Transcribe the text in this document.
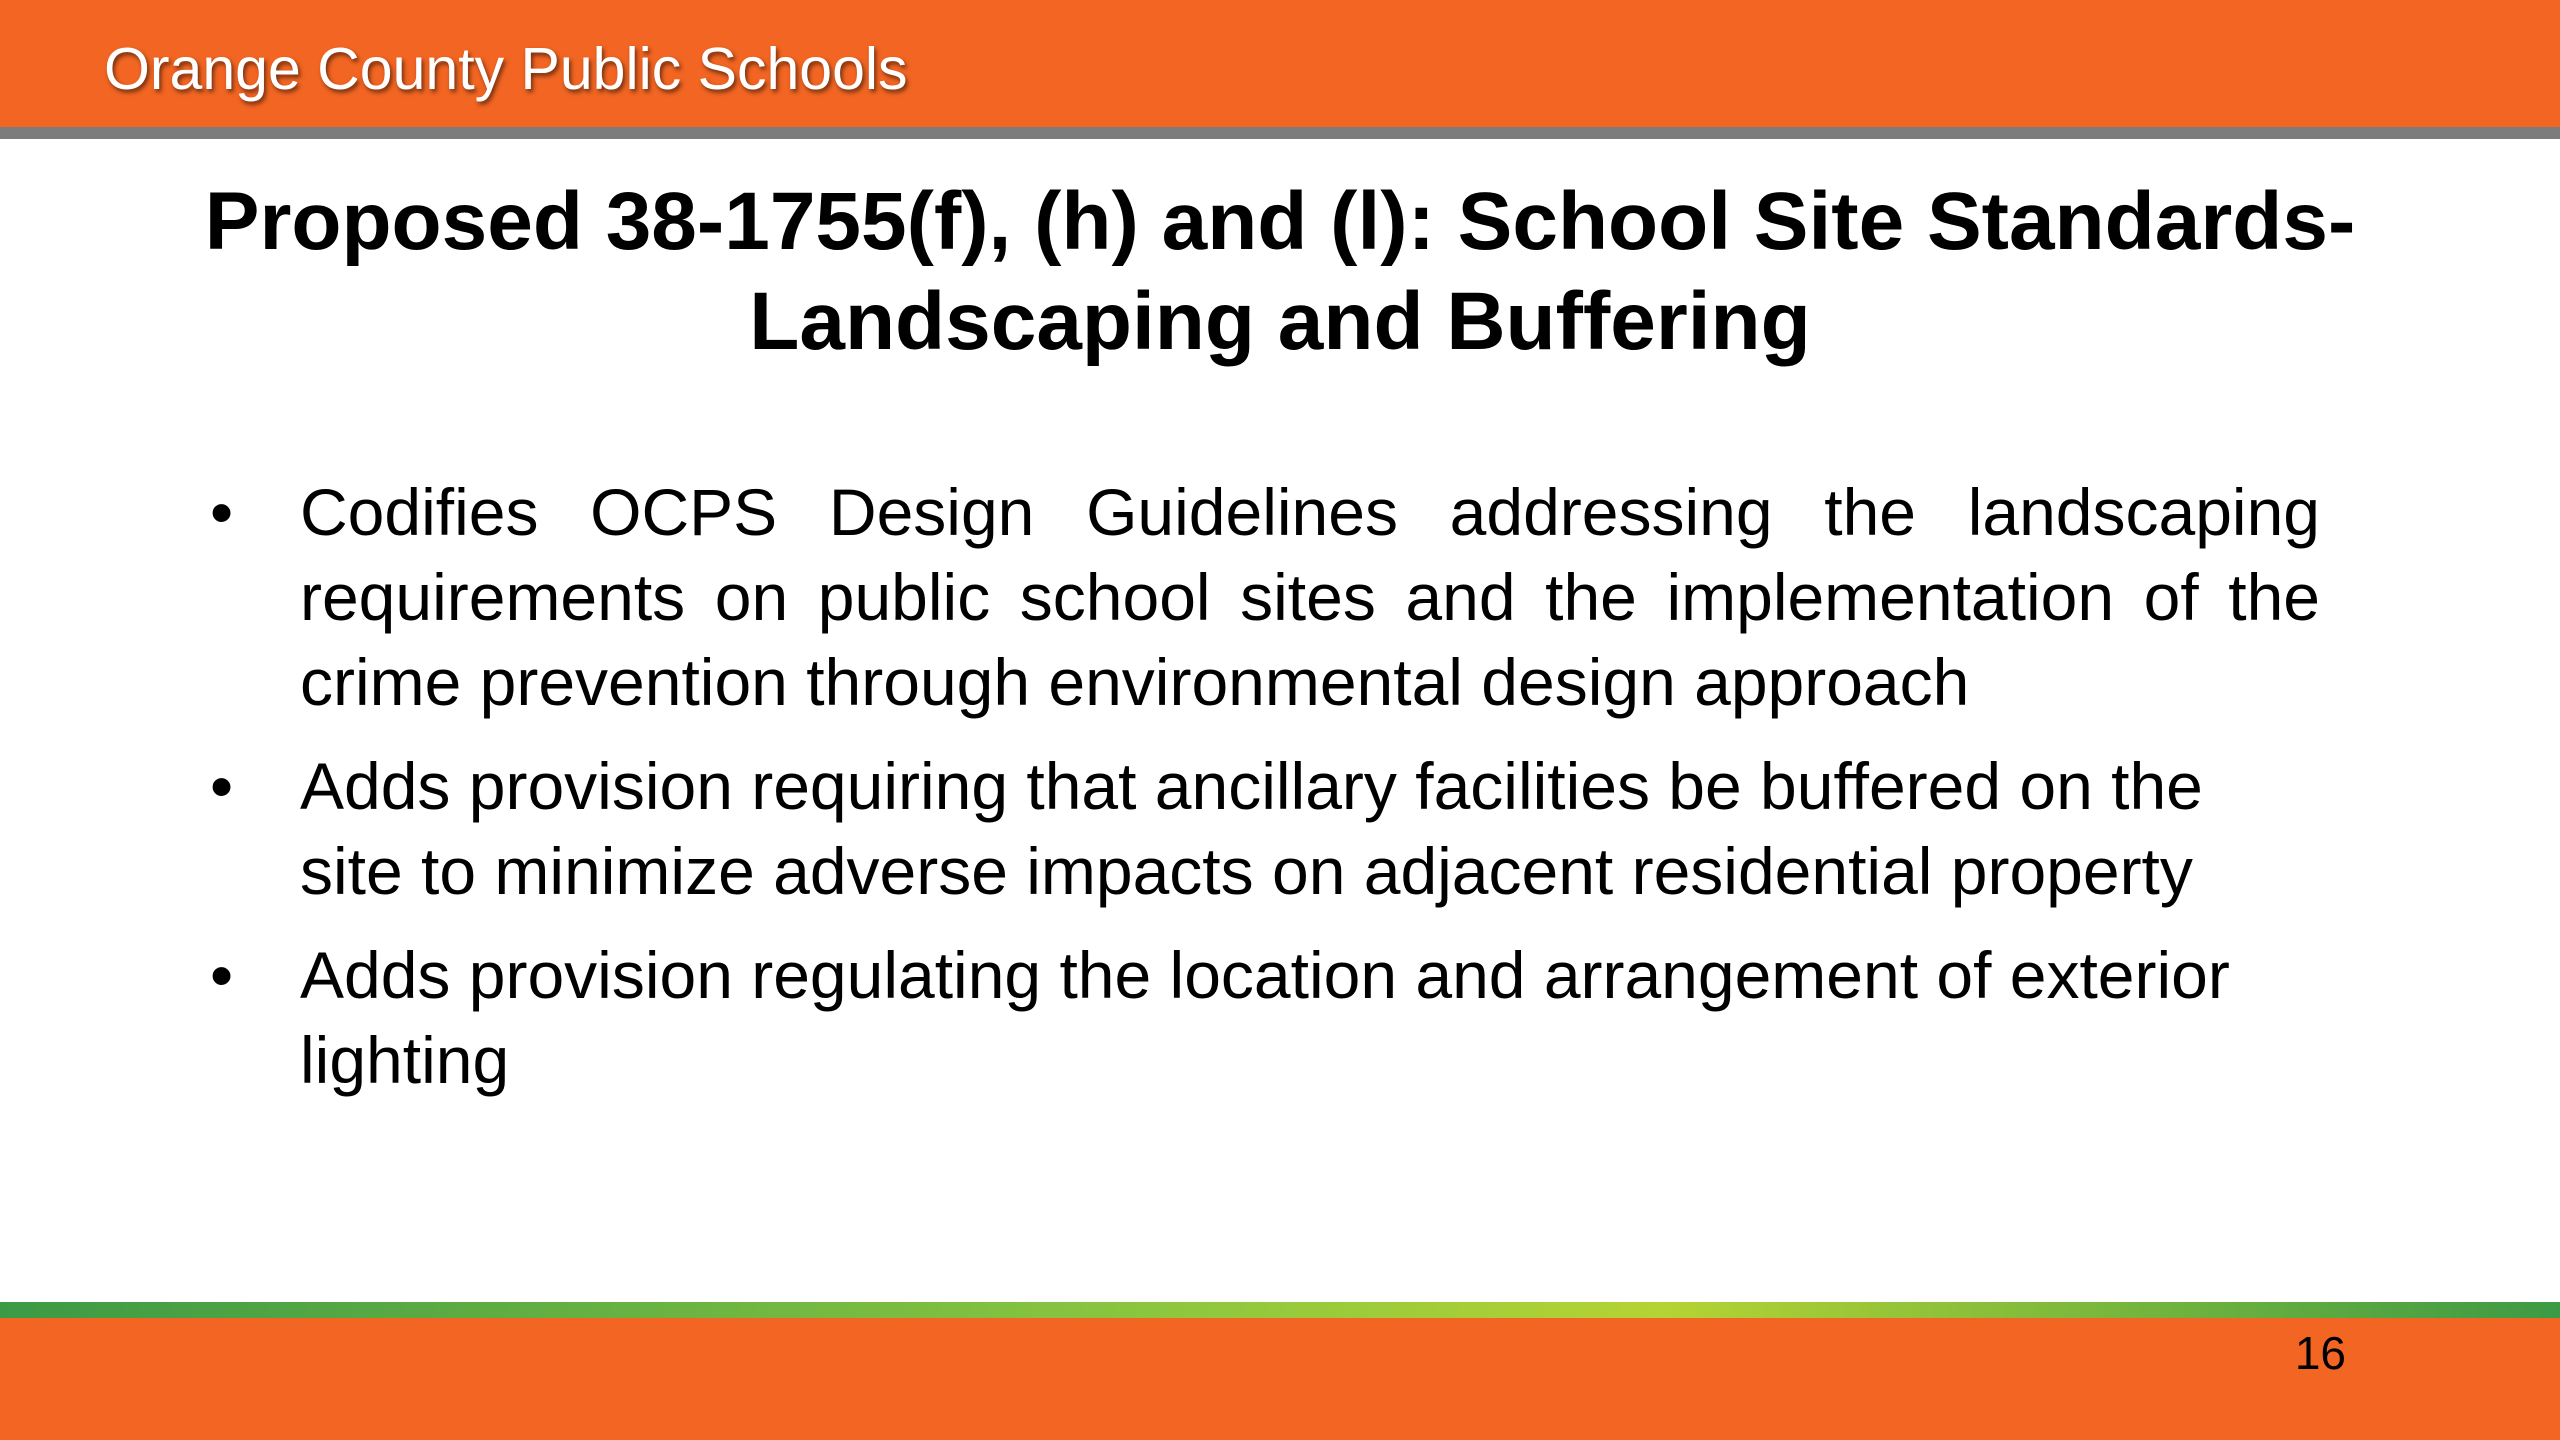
Orange County Public Schools
Proposed 38-1755(f), (h) and (l): School Site Standards-
Landscaping and Buffering
• Codifies OCPS Design Guidelines addressing the landscaping requirements on public school sites and the implementation of the crime prevention through environmental design approach
• Adds provision requiring that ancillary facilities be buffered on the site to minimize adverse impacts on adjacent residential property
• Adds provision regulating the location and arrangement of exterior lighting
16
